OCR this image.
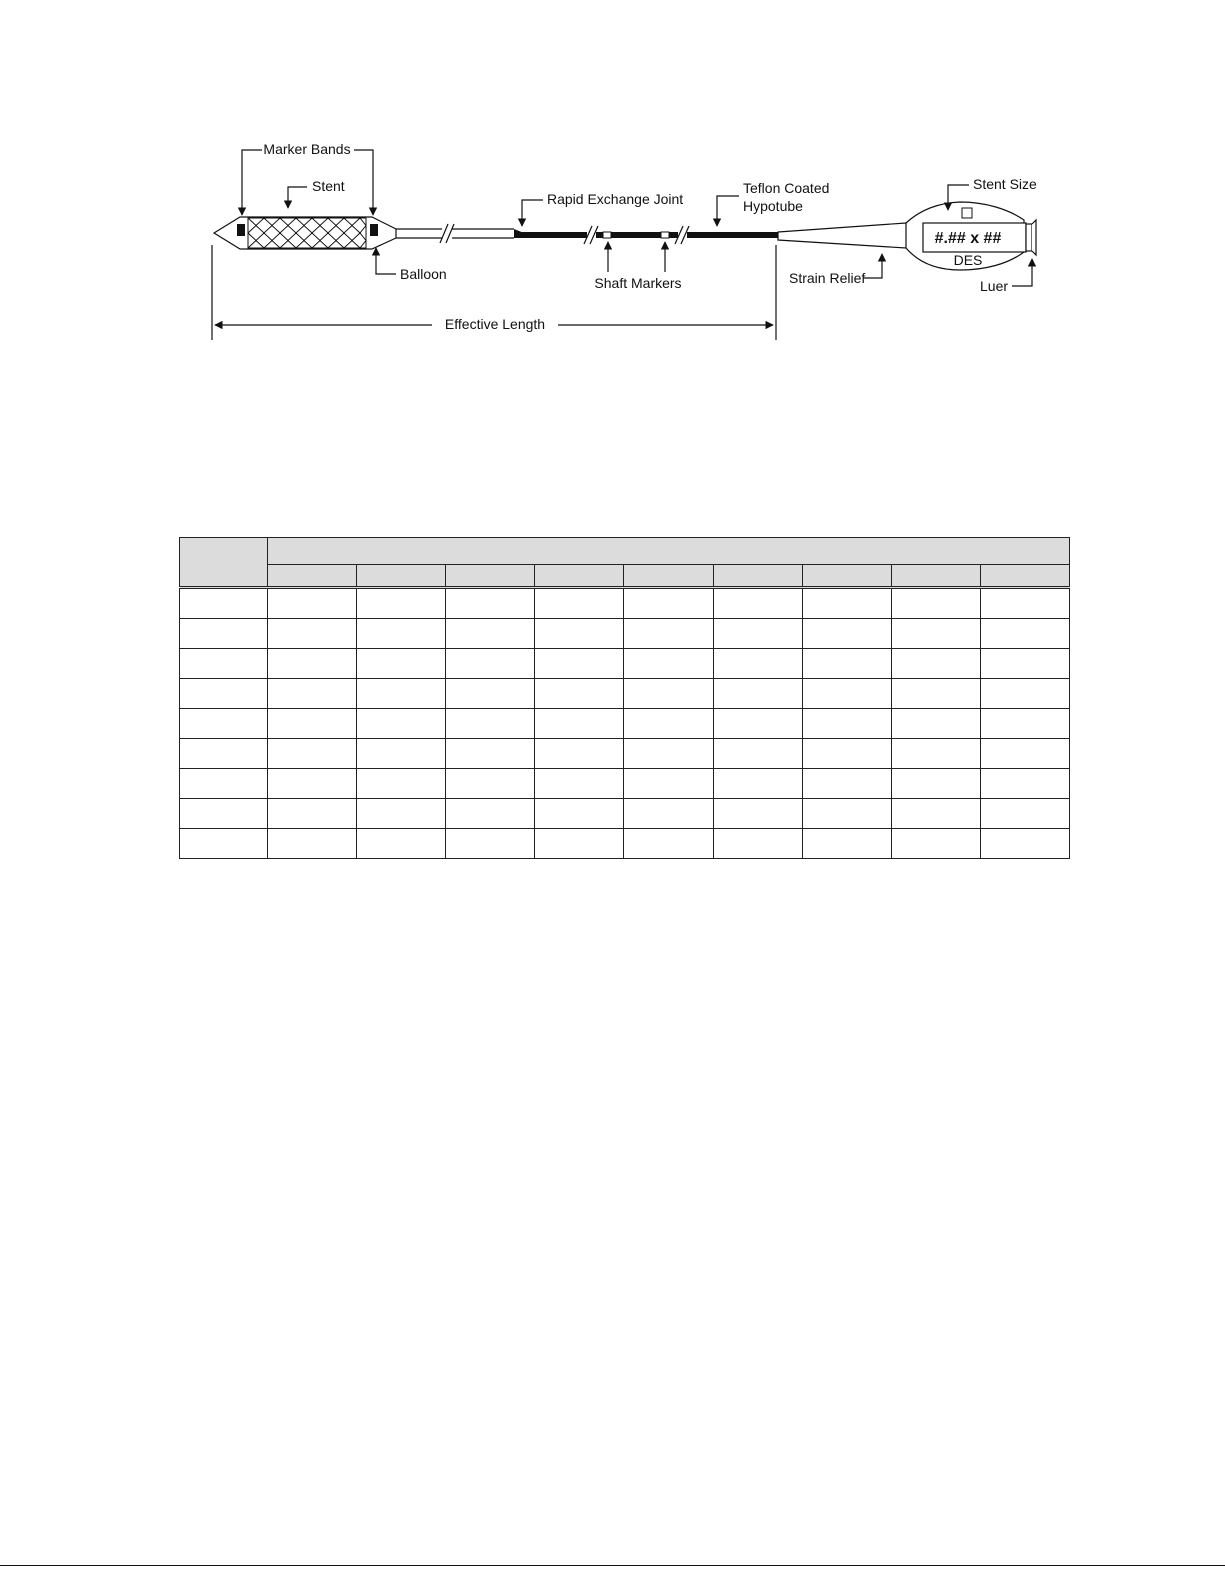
#.## x ##
DES
Marker Bands
Stent
Balloon
Rapid Exchange Joint
Shaft Markers
Teflon Coated
Hypotube
Stent Size
Strain Relief	Luer
Effective Length
